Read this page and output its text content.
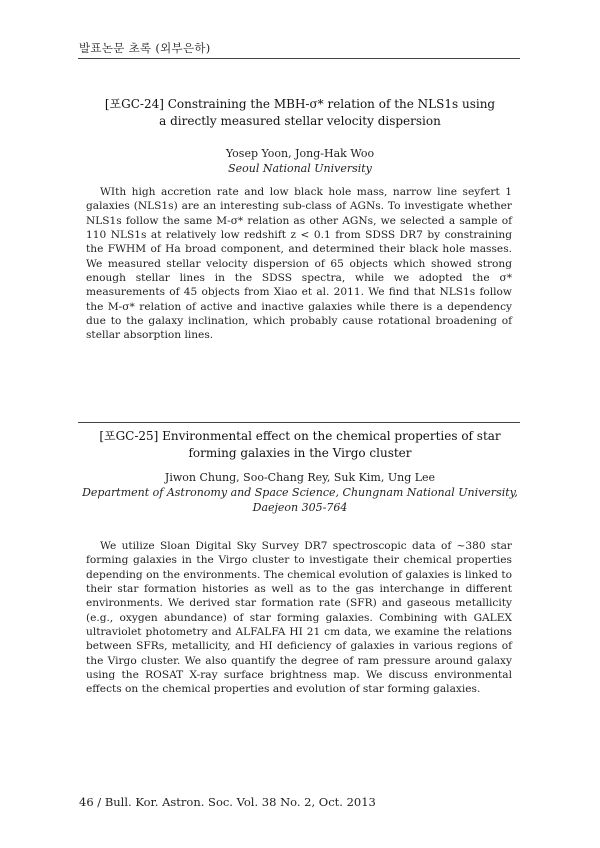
발표논문 초록 (외부은하)
[포GC-24] Constraining the MBH-σ* relation of the NLS1s using
a directly measured stellar velocity dispersion
Yosep Yoon, Jong-Hak Woo
Seoul National University
WIth high accretion rate and low black hole mass, narrow line seyfert 1 galaxies (NLS1s) are an interesting sub-class of AGNs. To investigate whether NLS1s follow the same M-σ* relation as other AGNs, we selected a sample of 110 NLS1s at relatively low redshift z < 0.1 from SDSS DR7 by constraining the FWHM of Ha broad component, and determined their black hole masses. We measured stellar velocity dispersion of 65 objects which showed strong enough stellar lines in the SDSS spectra, while we adopted the σ* measurements of 45 objects from Xiao et al. 2011. We find that NLS1s follow the M-σ* relation of active and inactive galaxies while there is a dependency due to the galaxy inclination, which probably cause rotational broadening of stellar absorption lines.
[포GC-25] Environmental effect on the chemical properties of star
forming galaxies in the Virgo cluster
Jiwon Chung, Soo-Chang Rey, Suk Kim, Ung Lee
Department of Astronomy and Space Science, Chungnam National University,
Daejeon 305-764
We utilize Sloan Digital Sky Survey DR7 spectroscopic data of ~380 star forming galaxies in the Virgo cluster to investigate their chemical properties depending on the environments. The chemical evolution of galaxies is linked to their star formation histories as well as to the gas interchange in different environments. We derived star formation rate (SFR) and gaseous metallicity (e.g., oxygen abundance) of star forming galaxies. Combining with GALEX ultraviolet photometry and ALFALFA HI 21 cm data, we examine the relations between SFRs, metallicity, and HI deficiency of galaxies in various regions of the Virgo cluster. We also quantify the degree of ram pressure around galaxy using the ROSAT X-ray surface brightness map. We discuss environmental effects on the chemical properties and evolution of star forming galaxies.
46 / Bull. Kor. Astron. Soc. Vol. 38 No. 2, Oct. 2013
